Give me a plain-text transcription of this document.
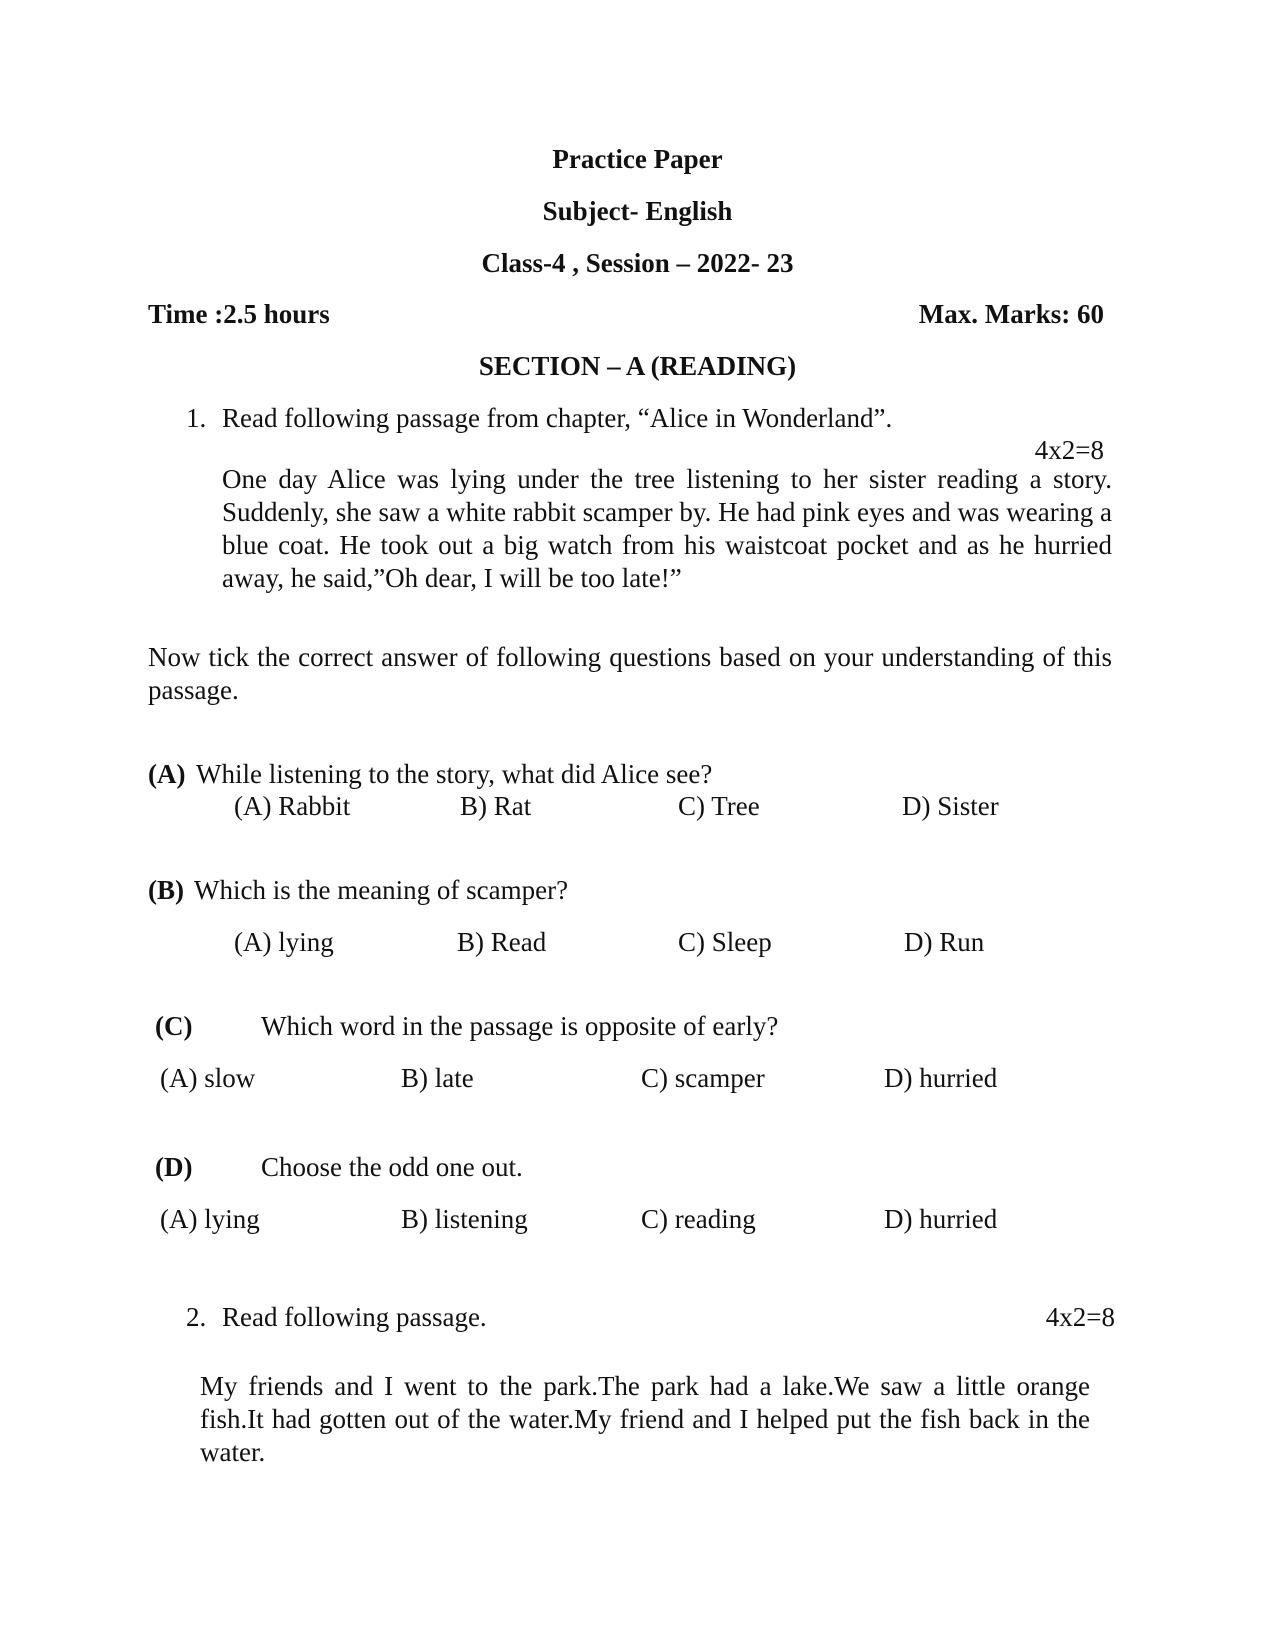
Practice Paper
Subject- English
Class-4 , Session – 2022- 23
Time :2.5 hours	Max. Marks: 60
SECTION – A (READING)
1. Read following passage from chapter, “Alice in Wonderland”.
4x2=8
One day Alice was lying under the tree listening to her sister reading a story. Suddenly, she saw a white rabbit scamper by. He had pink eyes and was wearing a blue coat. He took out a big watch from his waistcoat pocket and as he hurried away, he said,”Oh dear, I will be too late!”
Now tick the correct answer of following questions based on your understanding of this passage.
(A) While listening to the story, what did Alice see?
(A) Rabbit	B) Rat	C) Tree	D) Sister
(B) Which is the meaning of scamper?
(A) lying	B) Read	C) Sleep	D) Run
(C)	Which word in the passage is opposite of early?
(A) slow	B) late	C) scamper	D) hurried
(D)	Choose the odd one out.
(A) lying	B) listening	C) reading	D) hurried
2. Read following passage.	4x2=8
My friends and I went to the park.The park had a lake.We saw a little orange fish.It had gotten out of the water.My friend and I helped put the fish back in the water.
